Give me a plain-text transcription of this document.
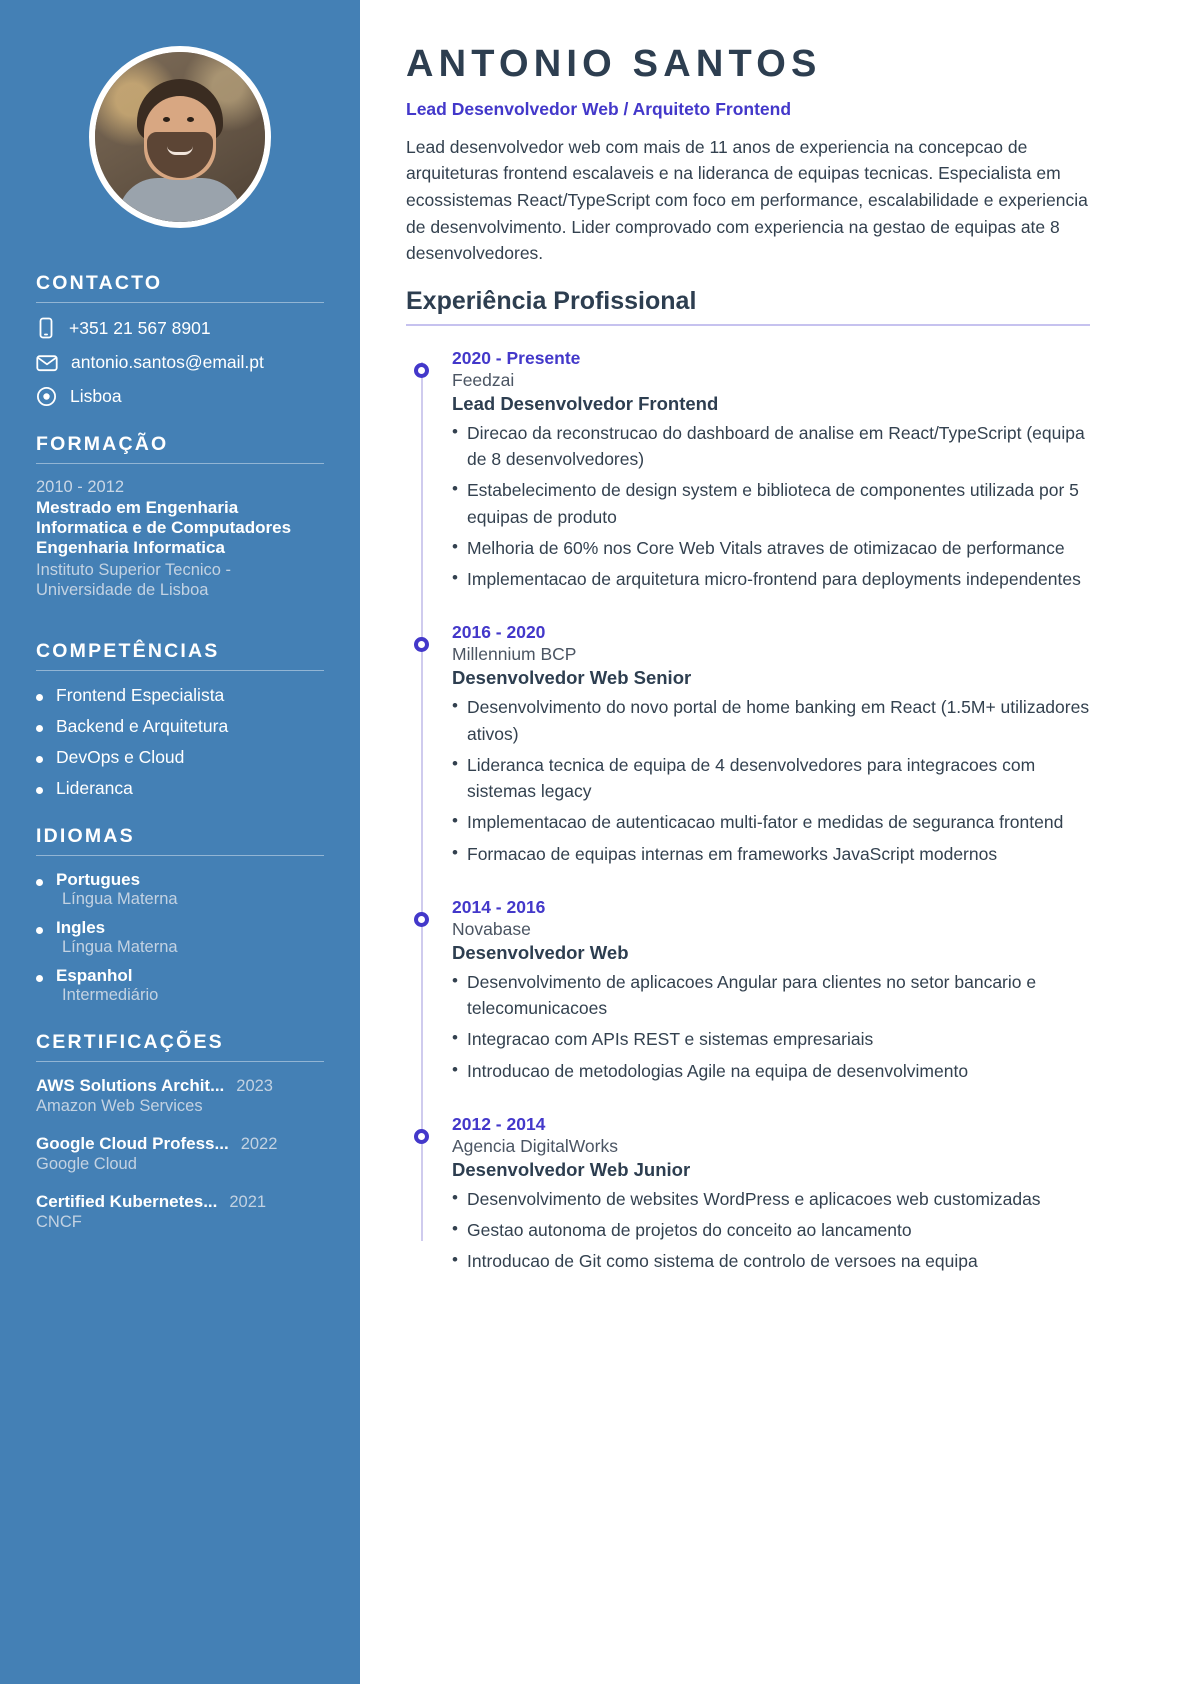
CONTACTO
+351 21 567 8901
antonio.santos@email.pt
Lisboa
FORMAÇÃO
2010 - 2012
Mestrado em Engenharia Informatica e de Computadores Engenharia Informatica
Instituto Superior Tecnico - Universidade de Lisboa
COMPETÊNCIAS
Frontend Especialista
Backend e Arquitetura
DevOps e Cloud
Lideranca
IDIOMAS
Portugues
Língua Materna
Ingles
Língua Materna
Espanhol
Intermediário
CERTIFICAÇÕES
AWS Solutions Archit... 2023
Amazon Web Services
Google Cloud Profess... 2022
Google Cloud
Certified Kubernetes... 2021
CNCF
ANTONIO SANTOS
Lead Desenvolvedor Web / Arquiteto Frontend

Lead desenvolvedor web com mais de 11 anos de experiencia na concepcao de arquiteturas frontend escalaveis e na lideranca de equipas tecnicas. Especialista em ecossistemas React/TypeScript com foco em performance, escalabilidade e experiencia de desenvolvimento. Lider comprovado com experiencia na gestao de equipas ate 8 desenvolvedores.

Experiência Profissional
2020 - Presente
Feedzai
Lead Desenvolvedor Frontend
• Direcao da reconstrucao do dashboard de analise em React/TypeScript (equipa de 8 desenvolvedores)
• Estabelecimento de design system e biblioteca de componentes utilizada por 5 equipas de produto
• Melhoria de 60% nos Core Web Vitals atraves de otimizacao de performance
• Implementacao de arquitetura micro-frontend para deployments independentes
2016 - 2020
Millennium BCP
Desenvolvedor Web Senior
• Desenvolvimento do novo portal de home banking em React (1.5M+ utilizadores ativos)
• Lideranca tecnica de equipa de 4 desenvolvedores para integracoes com sistemas legacy
• Implementacao de autenticacao multi-fator e medidas de seguranca frontend
• Formacao de equipas internas em frameworks JavaScript modernos
2014 - 2016
Novabase
Desenvolvedor Web
• Desenvolvimento de aplicacoes Angular para clientes no setor bancario e telecomunicacoes
• Integracao com APIs REST e sistemas empresariais
• Introducao de metodologias Agile na equipa de desenvolvimento
2012 - 2014
Agencia DigitalWorks
Desenvolvedor Web Junior
• Desenvolvimento de websites WordPress e aplicacoes web customizadas
• Gestao autonoma de projetos do conceito ao lancamento
• Introducao de Git como sistema de controlo de versoes na equipa
